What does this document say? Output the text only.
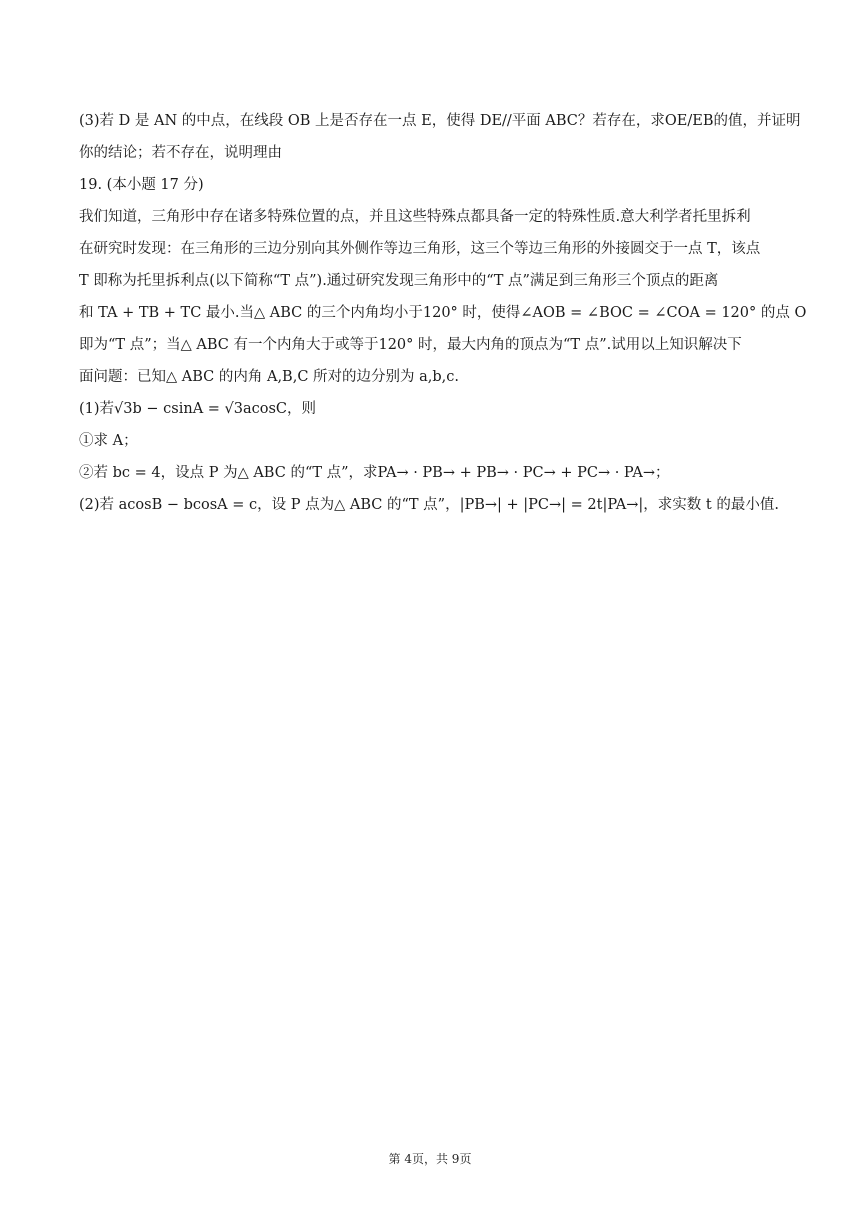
(3)若 D 是 AN 的中点，在线段 OB 上是否存在一点 E，使得 DE//平面 ABC？若存在，求OE/EB的值，并证明

你的结论；若不存在，说明理由

19. (本小题 17 分)

我们知道，三角形中存在诸多特殊位置的点，并且这些特殊点都具备一定的特殊性质.意大利学者托里拆利

在研究时发现：在三角形的三边分别向其外侧作等边三角形，这三个等边三角形的外接圆交于一点 T，该点

T 即称为托里拆利点(以下简称“T 点”).通过研究发现三角形中的“T 点”满足到三角形三个顶点的距离

和 TA + TB + TC 最小.当△ ABC 的三个内角均小于120° 时，使得∠AOB = ∠BOC = ∠COA = 120° 的点 O

即为“T 点”；当△ ABC 有一个内角大于或等于120° 时，最大内角的顶点为“T 点”.试用以上知识解决下

面问题：已知△ ABC 的内角 A,B,C 所对的边分别为 a,b,c.

(1)若√3b − csinA = √3acosC，则

①求 A；

②若 bc = 4，设点 P 为△ ABC 的“T 点”，求PA→ · PB→ + PB→ · PC→ + PC→ · PA→；

(2)若 acosB − bcosA = c，设 P 点为△ ABC 的“T 点”，|PB→| + |PC→| = 2t|PA→|，求实数 t 的最小值.

第 4页，共 9页
